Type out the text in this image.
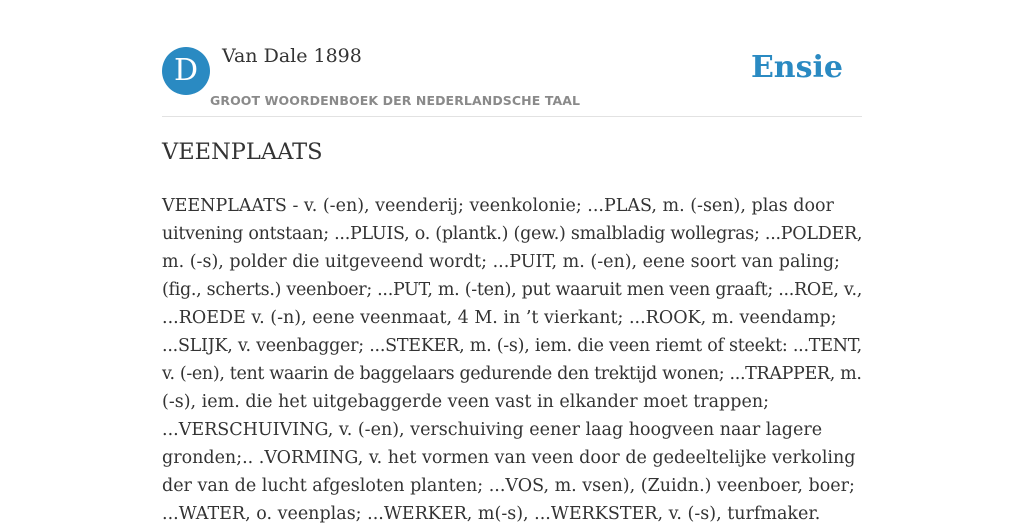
D	Van Dale 1898
GROOT WOORDENBOEK DER NEDERLANDSCHE TAAL
Ensie
VEENPLAATS

VEENPLAATS - v. (-en), veenderij; veenkolonie; ...PLAS, m. (-sen), plas door
uitvening ontstaan; ...PLUIS, o. (plantk.) (gew.) smalbladig wollegras; ...POLDER,
m. (-s), polder die uitgeveend wordt; ...PUIT, m. (-en), eene soort van paling;
(fig., scherts.) veenboer; ...PUT, m. (-ten), put waaruit men veen graaft; ...ROE, v.,
...ROEDE v. (-n), eene veenmaat, 4 M. in ’t vierkant; ...ROOK, m. veendamp;
...SLIJK, v. veenbagger; ...STEKER, m. (-s), iem. die veen riemt of steekt: ...TENT,
v. (-en), tent waarin de baggelaars gedurende den trektijd wonen; ...TRAPPER, m.
(-s), iem. die het uitgebaggerde veen vast in elkander moet trappen;
...VERSCHUIVING, v. (-en), verschuiving eener laag hoogveen naar lagere
gronden;.. .VORMING, v. het vormen van veen door de gedeeltelijke verkoling
der van de lucht afgesloten planten; ...VOS, m. vsen), (Zuidn.) veenboer, boer;
...WATER, o. veenplas; ...WERKER, m(-s), ...WERKSTER, v. (-s), turfmaker.
